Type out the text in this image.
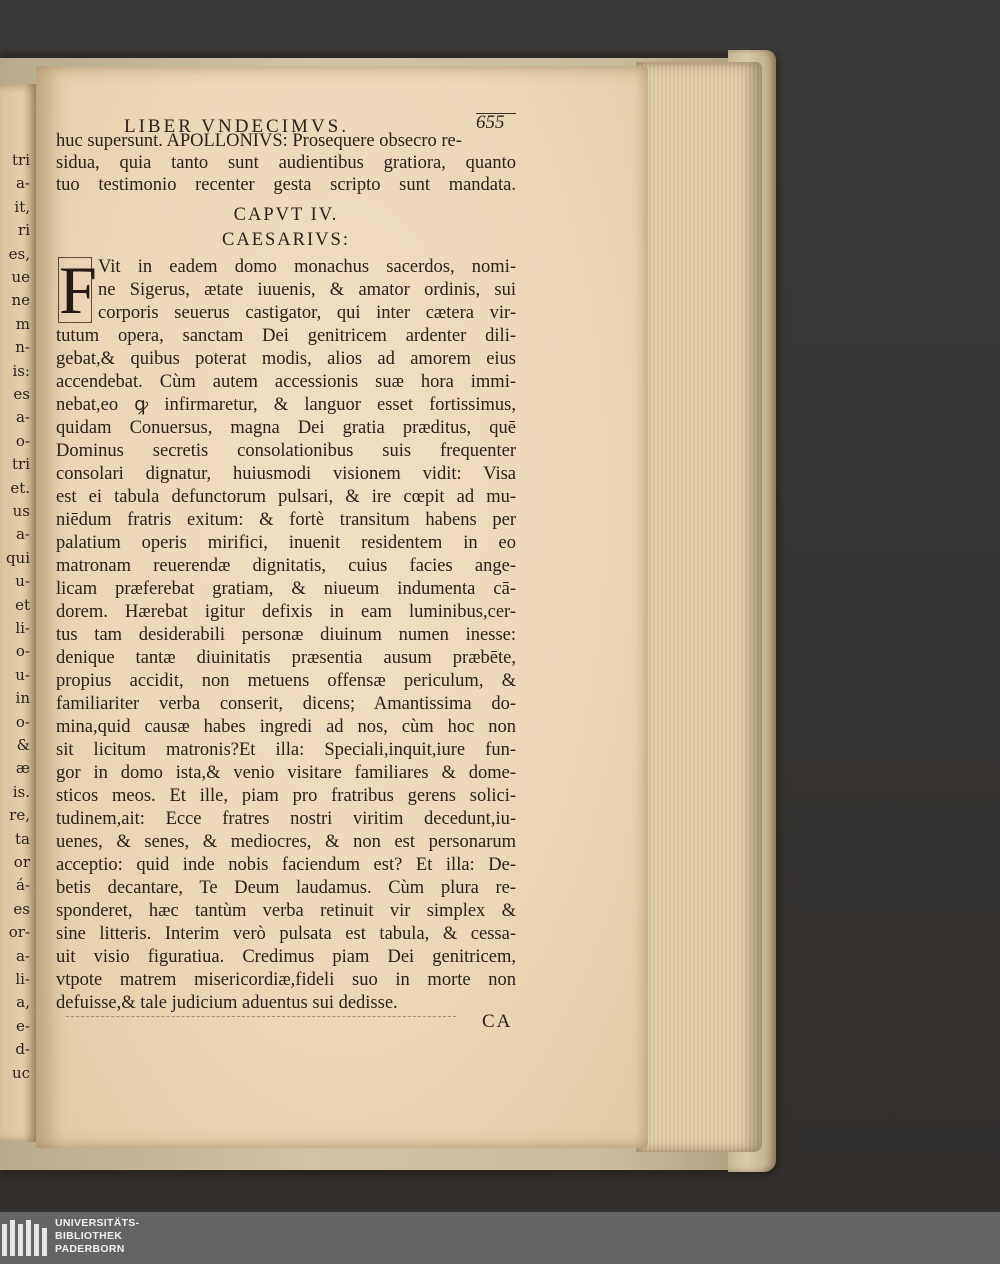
tri
a-
it,
ri
es,
ue
ne
m
n-
is:
es
a-
o-
tri
et.
us
a-
qui
u-
et
li-
o-
u-
in
o-
&
æ
is.
re,
ta
or
á-
es
or-
a-
li-
a,
e-
d-
uc
LIBER VNDECIMVS.	655
huc supersunt. APOLLONIVS: Prosequere obsecro re-
sidua, quia tanto sunt audientibus gratiora, quanto
tuo testimonio recenter gesta scripto sunt mandata.
CAPVT IV.
CAESARIVS:
F Vit in eadem domo monachus sacerdos, nomi-
ne Sigerus, ætate iuuenis, & amator ordinis, sui
corporis seuerus castigator, qui inter cætera vir-
tutum opera, sanctam Dei genitricem ardenter dili-
gebat,& quibus poterat modis, alios ad amorem eius
accendebat. Cùm autem accessionis suæ hora immi-
nebat,eo ꝙ infirmaretur, & languor esset fortissimus,
quidam Conuersus, magna Dei gratia præditus, quē
Dominus secretis consolationibus suis frequenter
consolari dignatur, huiusmodi visionem vidit: Visa
est ei tabula defunctorum pulsari, & ire cœpit ad mu-
niēdum fratris exitum: & fortè transitum habens per
palatium operis mirifici, inuenit residentem in eo
matronam reuerendæ dignitatis, cuius facies ange-
licam præferebat gratiam, & niueum indumenta cā-
dorem. Hærebat igitur defixis in eam luminibus,cer-
tus tam desiderabili personæ diuinum numen inesse:
denique tantæ diuinitatis præsentia ausum præbēte,
propius accidit, non metuens offensæ periculum, &
familiariter verba conserit, dicens; Amantissima do-
mina,quid causæ habes ingredi ad nos, cùm hoc non
sit licitum matronis?Et illa: Speciali,inquit,iure fun-
gor in domo ista,& venio visitare familiares & dome-
sticos meos. Et ille, piam pro fratribus gerens solici-
tudinem,ait: Ecce fratres nostri viritim decedunt,iu-
uenes, & senes, & mediocres, & non est personarum
acceptio: quid inde nobis faciendum est? Et illa: De-
betis decantare, Te Deum laudamus. Cùm plura re-
sponderet, hæc tantùm verba retinuit vir simplex &
sine litteris. Interim verò pulsata est tabula, & cessa-
uit visio figuratiua. Credimus piam Dei genitricem,
vtpote matrem misericordiæ,fideli suo in morte non
defuisse,& tale judicium aduentus sui dedisse.
CA
UNIVERSITÄTS-
BIBLIOTHEK
PADERBORN
